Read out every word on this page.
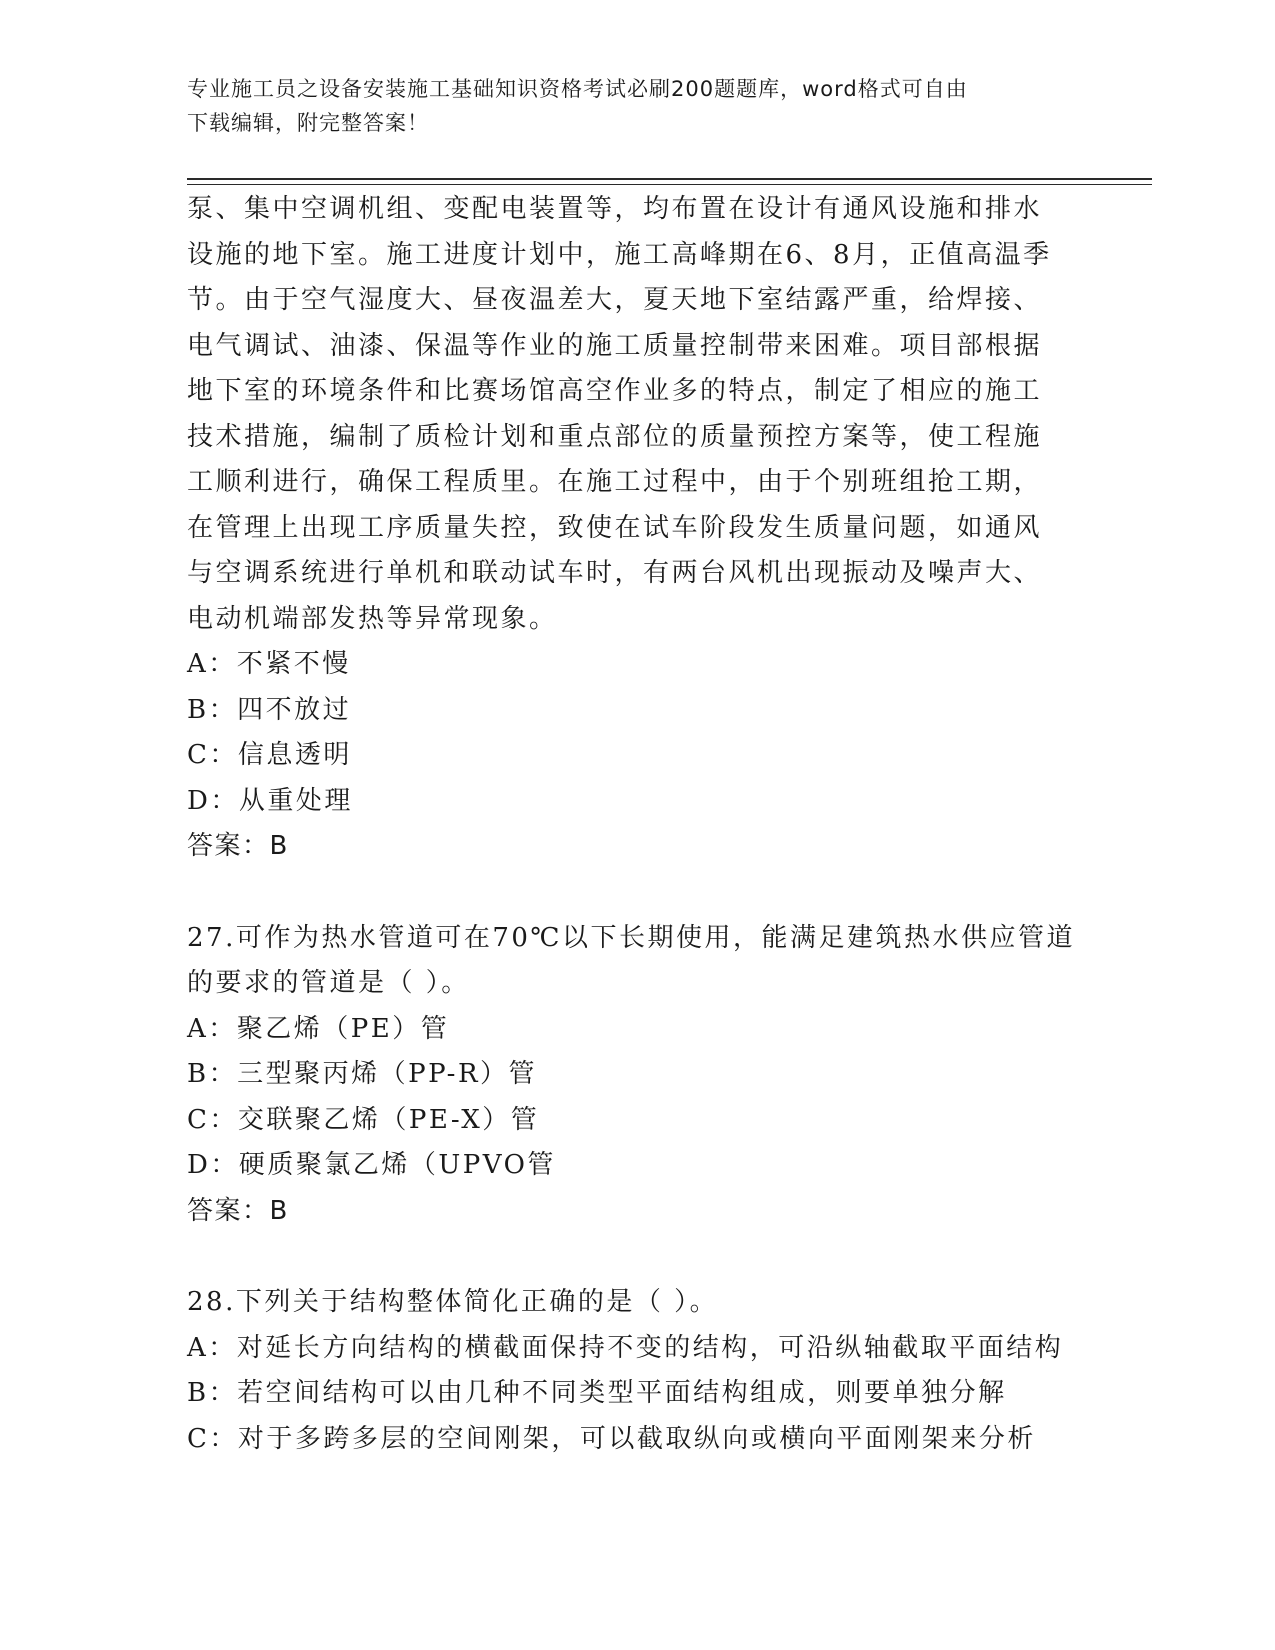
专业施工员之设备安装施工基础知识资格考试必刷200题题库，word格式可自由
下载编辑，附完整答案！
泵、集中空调机组、变配电装置等，均布置在设计有通风设施和排水
设施的地下室。施工进度计划中，施工高峰期在6、8月，正值高温季
节。由于空气湿度大、昼夜温差大，夏天地下室结露严重，给焊接、
电气调试、油漆、保温等作业的施工质量控制带来困难。项目部根据
地下室的环境条件和比赛场馆高空作业多的特点，制定了相应的施工
技术措施，编制了质检计划和重点部位的质量预控方案等，使工程施
工顺利进行，确保工程质里。在施工过程中，由于个别班组抢工期，
在管理上出现工序质量失控，致使在试车阶段发生质量问题，如通风
与空调系统进行单机和联动试车时，有两台风机出现振动及噪声大、
电动机端部发热等异常现象。
A：不紧不慢
B：四不放过
C：信息透明
D：从重处理
答案：B
27.可作为热水管道可在70℃以下长期使用，能满足建筑热水供应管道
的要求的管道是（ ）。
A：聚乙烯（PE）管
B：三型聚丙烯（PP-R）管
C：交联聚乙烯（PE-X）管
D：硬质聚氯乙烯（UPVO管
答案：B
28.下列关于结构整体简化正确的是（ ）。
A：对延长方向结构的横截面保持不变的结构，可沿纵轴截取平面结构
B：若空间结构可以由几种不同类型平面结构组成，则要单独分解
C：对于多跨多层的空间刚架，可以截取纵向或横向平面刚架来分析
